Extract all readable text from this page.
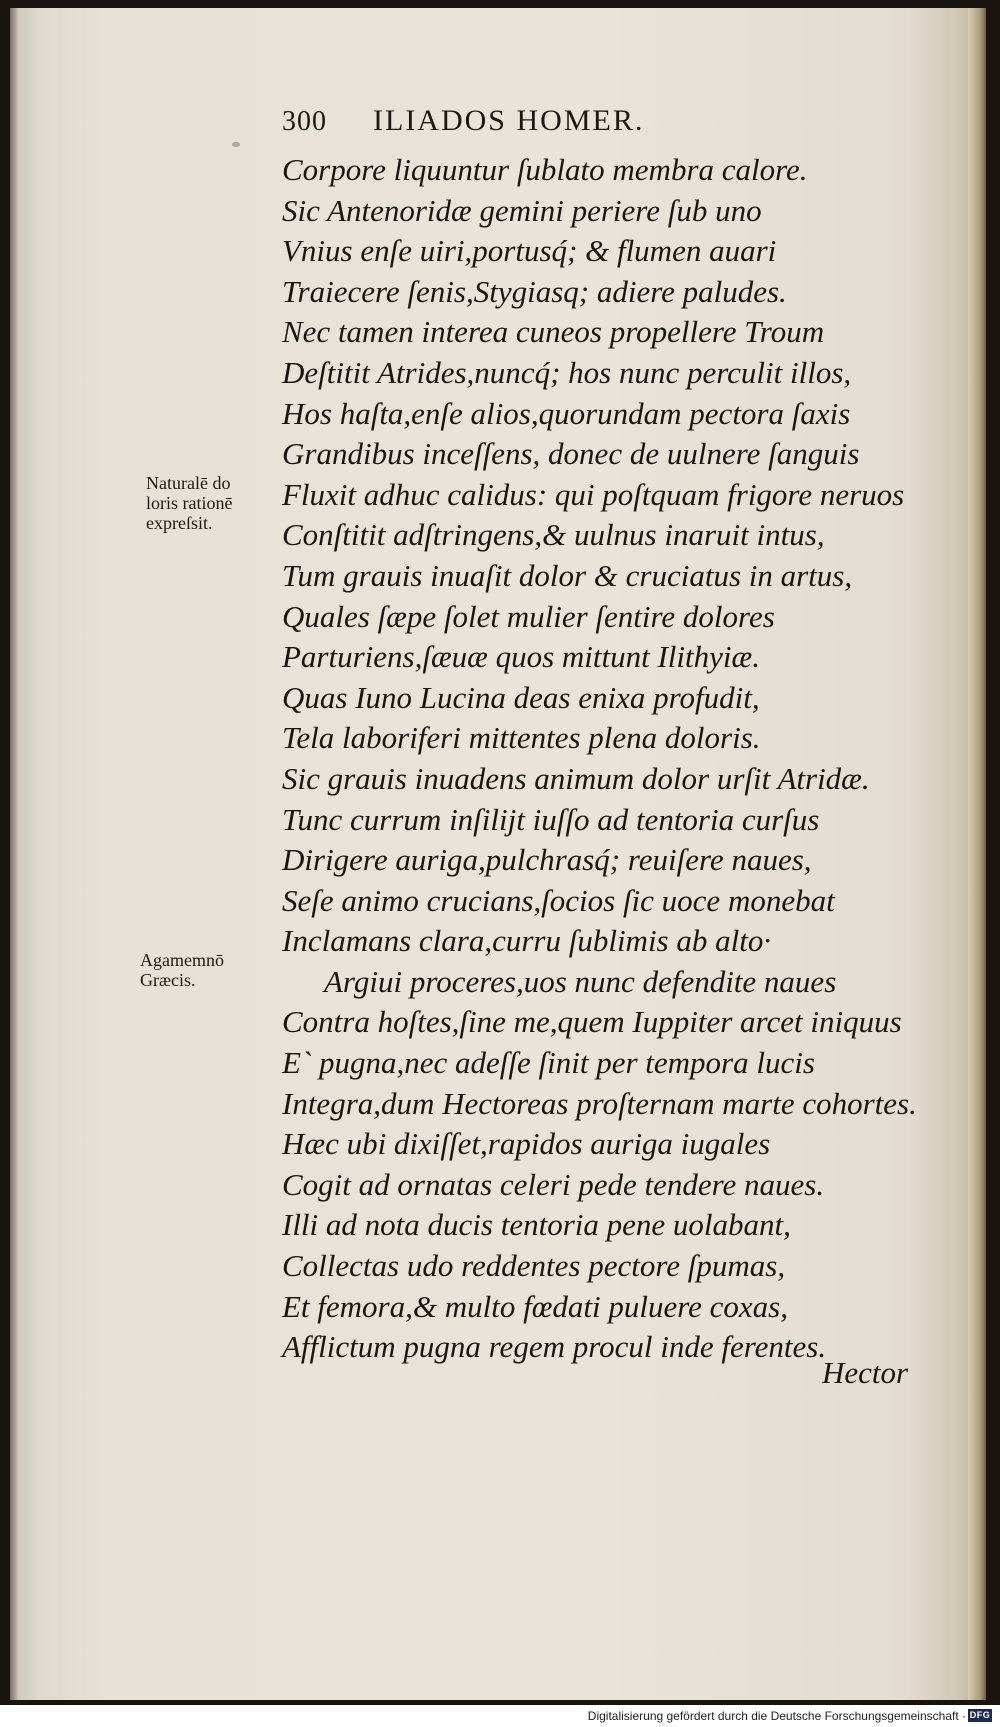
300 ILIADOS HOMER.
Naturalē do
loris rationē
expreſsit.
Agamemnō
Græcis.
Corpore liquuntur ſublato membra calore.
Sic Antenoridæ gemini periere ſub uno
Vnius enſe uiri,portusq́; & flumen auari
Traiecere ſenis,Stygiasq; adiere paludes.
Nec tamen interea cuneos propellere Troum
Deſtitit Atrides,nuncq́; hos nunc perculit illos,
Hos haſta,enſe alios,quorundam pectora ſaxis
Grandibus inceſſens, donec de uulnere ſanguis
Fluxit adhuc calidus: qui poſtquam frigore neruos
Conſtitit adſtringens,& uulnus inaruit intus,
Tum grauis inuaſit dolor & cruciatus in artus,
Quales ſæpe ſolet mulier ſentire dolores
Parturiens,ſæuæ quos mittunt Ilithyiæ.
Quas Iuno Lucina deas enixa profudit,
Tela laboriferi mittentes plena doloris.
Sic grauis inuadens animum dolor urſit Atridæ.
Tunc currum inſilijt iuſſo ad tentoria curſus
Dirigere auriga,pulchrasq́; reuiſere naues,
Seſe animo crucians,ſocios ſic uoce monebat
Inclamans clara,curru ſublimis ab alto·
Argiui proceres,uos nunc defendite naues
Contra hoſtes,ſine me,quem Iuppiter arcet iniquus
E` pugna,nec adeſſe ſinit per tempora lucis
Integra,dum Hectoreas proſternam marte cohortes.
Hæc ubi dixiſſet,rapidos auriga iugales
Cogit ad ornatas celeri pede tendere naues.
Illi ad nota ducis tentoria pene uolabant,
Collectas udo reddentes pectore ſpumas,
Et femora,& multo fœdati puluere coxas,
Afflictum pugna regem procul inde ferentes.
Hector
Digitalisierung gefördert durch die Deutsche Forschungsgemeinschaft · DFG
